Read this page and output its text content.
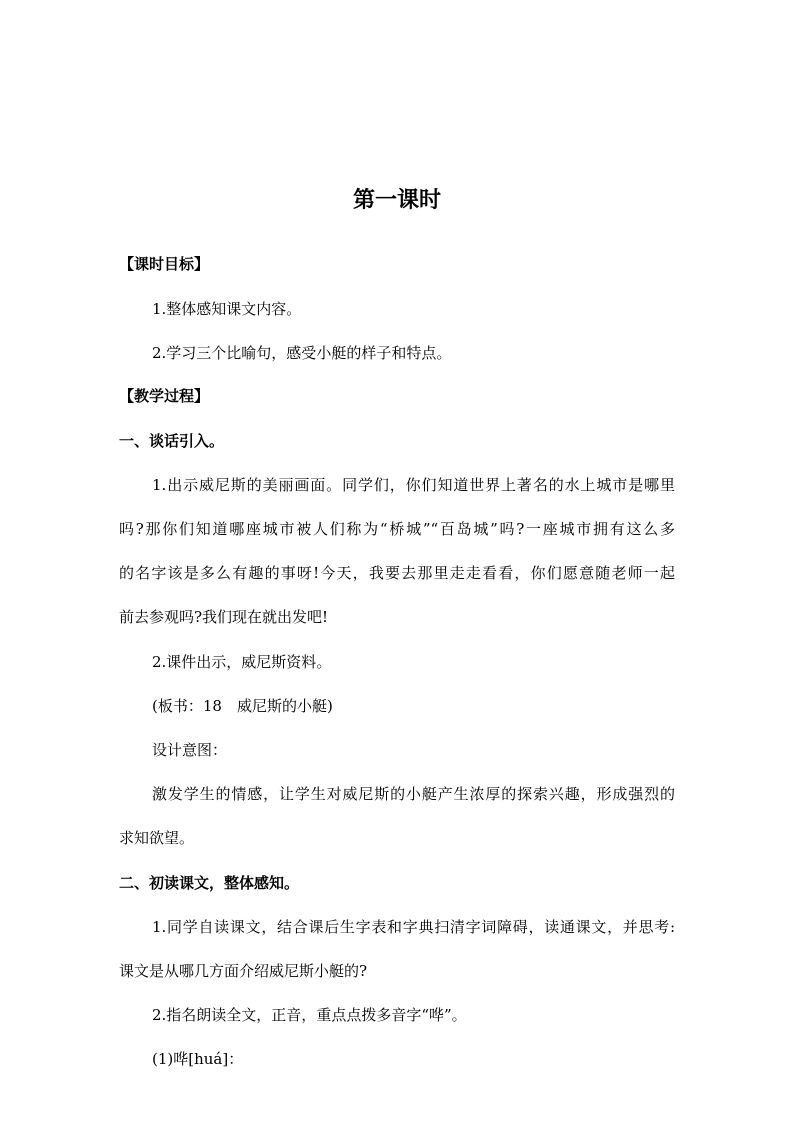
第一课时
【课时目标】
1.整体感知课文内容。
2.学习三个比喻句，感受小艇的样子和特点。
【教学过程】
一、谈话引入。
1.出示威尼斯的美丽画面。同学们，你们知道世界上著名的水上城市是哪里
吗?那你们知道哪座城市被人们称为“桥城”“百岛城”吗?一座城市拥有这么多
的名字该是多么有趣的事呀!今天，我要去那里走走看看，你们愿意随老师一起
前去参观吗?我们现在就出发吧!
2.课件出示，威尼斯资料。
(板书：18　威尼斯的小艇)
设计意图：
激发学生的情感，让学生对威尼斯的小艇产生浓厚的探索兴趣，形成强烈的
求知欲望。
二、初读课文，整体感知。
1.同学自读课文，结合课后生字表和字典扫清字词障碍，读通课文，并思考:
课文是从哪几方面介绍威尼斯小艇的?
2.指名朗读全文，正音，重点点拨多音字“哗”。
(1)哗[huá]：
